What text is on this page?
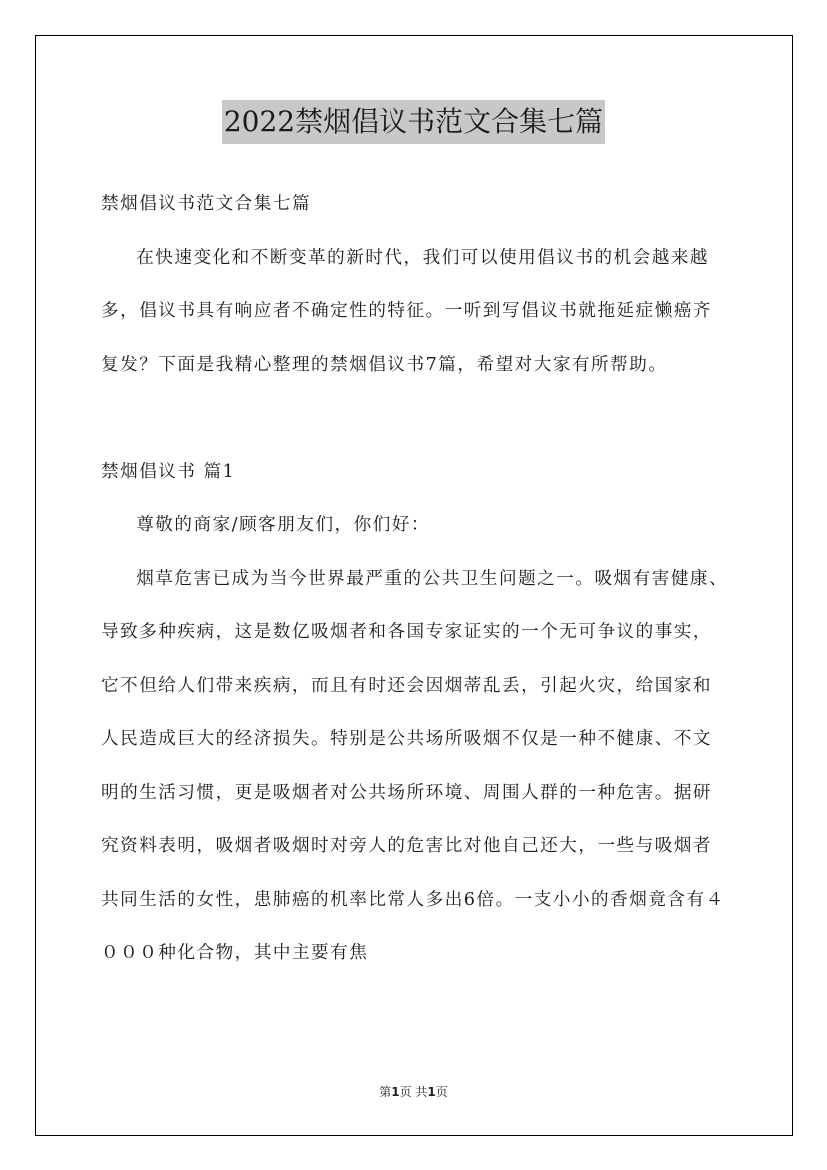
2022禁烟倡议书范文合集七篇

禁烟倡议书范文合集七篇

在快速变化和不断变革的新时代，我们可以使用倡议书的机会越来越多，倡议书具有响应者不确定性的特征。一听到写倡议书就拖延症懒癌齐复发？下面是我精心整理的禁烟倡议书7篇，希望对大家有所帮助。

禁烟倡议书 篇1

尊敬的商家/顾客朋友们，你们好：

烟草危害已成为当今世界最严重的公共卫生问题之一。吸烟有害健康、导致多种疾病，这是数亿吸烟者和各国专家证实的一个无可争议的事实，它不但给人们带来疾病，而且有时还会因烟蒂乱丢，引起火灾，给国家和人民造成巨大的经济损失。特别是公共场所吸烟不仅是一种不健康、不文明的生活习惯，更是吸烟者对公共场所环境、周围人群的一种危害。据研究资料表明，吸烟者吸烟时对旁人的危害比对他自己还大，一些与吸烟者共同生活的女性，患肺癌的机率比常人多出6倍。一支小小的香烟竟含有４０００种化合物，其中主要有焦

第1页 共1页
